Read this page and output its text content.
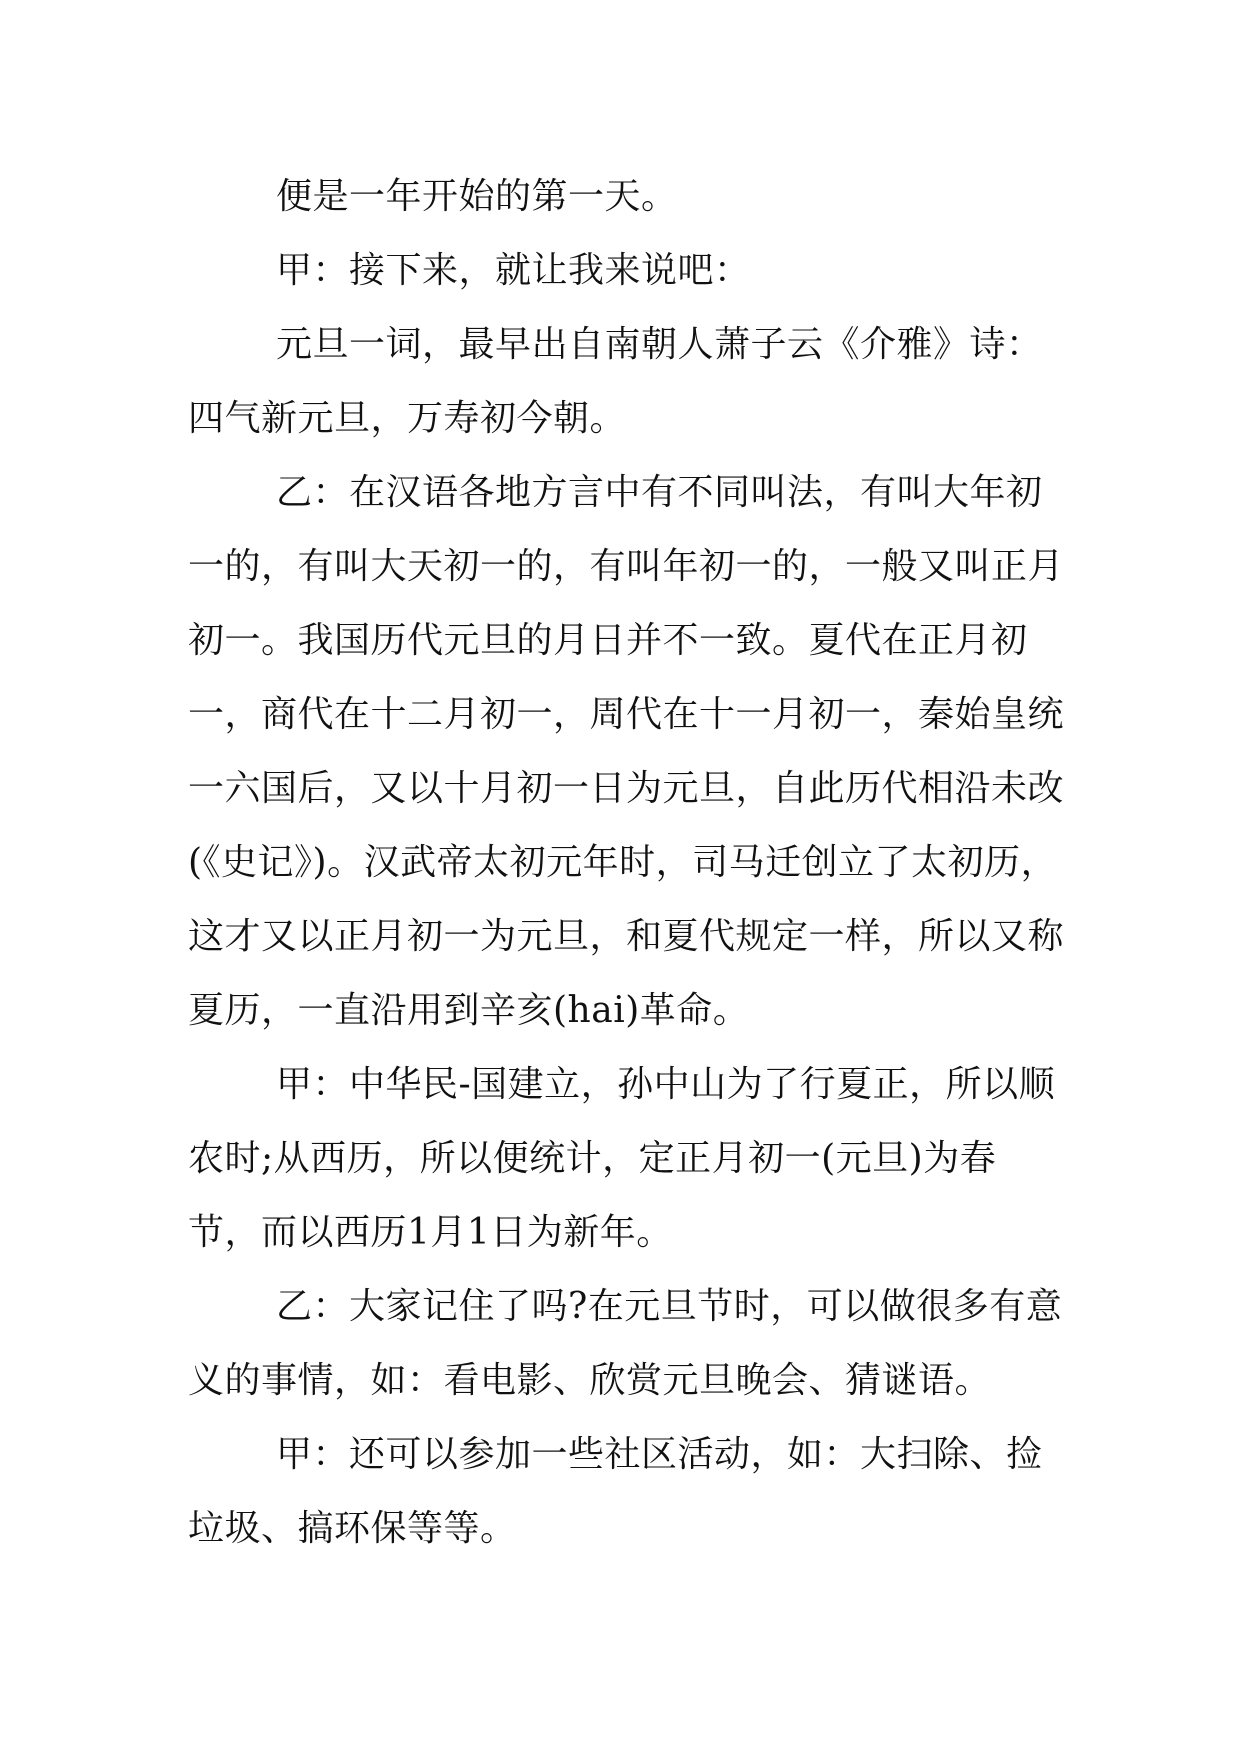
便是一年开始的第一天。

甲：接下来，就让我来说吧：

元旦一词，最早出自南朝人萧子云《介雅》诗：四气新元旦，万寿初今朝。

乙：在汉语各地方言中有不同叫法，有叫大年初一的，有叫大天初一的，有叫年初一的，一般又叫正月初一。我国历代元旦的月日并不一致。夏代在正月初一，商代在十二月初一，周代在十一月初一，秦始皇统一六国后，又以十月初一日为元旦，自此历代相沿未改(《史记》)。汉武帝太初元年时，司马迁创立了太初历，这才又以正月初一为元旦，和夏代规定一样，所以又称夏历，一直沿用到辛亥(hai)革命。

甲：中华民-国建立，孙中山为了行夏正，所以顺农时;从西历，所以便统计，定正月初一(元旦)为春节，而以西历1月1日为新年。

乙：大家记住了吗?在元旦节时，可以做很多有意义的事情，如：看电影、欣赏元旦晚会、猜谜语。

甲：还可以参加一些社区活动，如：大扫除、捡垃圾、搞环保等等。
